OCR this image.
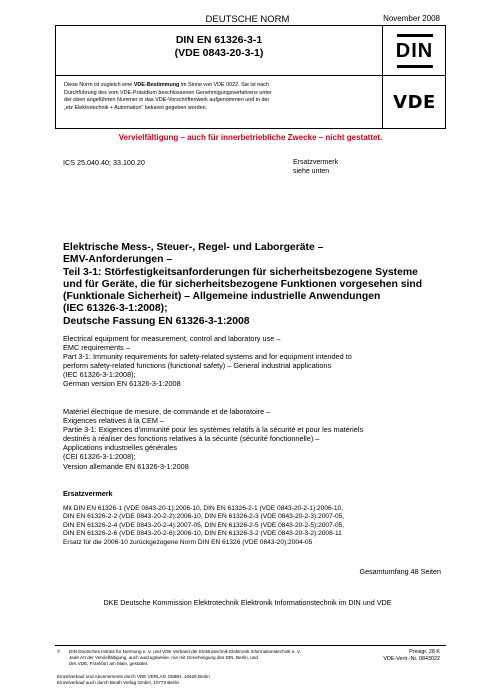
DEUTSCHE NORM	November 2008
DIN EN 61326-3-1
(VDE 0843-20-3-1)	DIN
Diese Norm ist zugleich eine VDE-Bestimmung im Sinne von VDE 0022. Sie ist nach
Durchführung des vom VDE-Präsidium beschlossenen Genehmigungsverfahrens unter
der oben angeführten Nummer in das VDE-Vorschriftenwerk aufgenommen und in der
„etz Elektrotechnik + Automation“ bekannt gegeben worden.	VDE
Vervielfältigung – auch für innerbetriebliche Zwecke – nicht gestattet.
ICS 25.040.40; 33.100.20	Ersatzvermerk
siehe unten
Elektrische Mess-, Steuer-, Regel- und Laborgeräte –
EMV-Anforderungen –
Teil 3-1: Störfestigkeitsanforderungen für sicherheitsbezogene Systeme
und für Geräte, die für sicherheitsbezogene Funktionen vorgesehen sind
(Funktionale Sicherheit) – Allgemeine industrielle Anwendungen
(IEC 61326-3-1:2008);
Deutsche Fassung EN 61326-3-1:2008
Electrical equipment for measurement, control and laboratory use –
EMC requirements –
Part 3-1: Immunity requirements for safety-related systems and for equipment intended to
perform safety-related functions (functional safety) – General industrial applications
(IEC 61326-3-1:2008);
German version EN 61326-3-1:2008
Matériel électrique de mesure, de commande et de laboratoire –
Exigences relatives à la CEM –
Partie 3-1: Exigences d’immunité pour les systèmes relatifs à la sécurité et pour les matériels
destinés à réaliser des fonctions relatives à la sécurité (sécurité fonctionnelle) –
Applications industrielles générales
(CEI 61326-3-1:2008);
Version allemande EN 61326-3-1:2008
Ersatzvermerk
Mit DIN EN 61326-1 (VDE 0843-20-1):2006-10, DIN EN 61326-2-1 (VDE 0843-20-2-1):2006-10,
DIN EN 61326-2-2 (VDE 0843-20-2-2):2006-10, DIN EN 61326-2-3 (VDE 0843-20-2-3):2007-05,
DIN EN 61326-2-4 (VDE 0843-20-2-4):2007-05, DIN EN 61326-2-5 (VDE 0843-20-2-5):2007-05,
DIN EN 61326-2-6 (VDE 0843-20-2-6):2006-10, DIN EN 61326-3-2 (VDE 0843-20-3-2):2008-11
Ersatz für die 2006-10 zurückgezogene Norm DIN EN 61326 (VDE 0843-20):2004-05
Gesamtumfang 48 Seiten
DKE Deutsche Kommission Elektrotechnik Elektronik Informationstechnik im DIN und VDE
© DIN Deutsches Institut für Normung e. V. und VDE Verband der Elektrotechnik Elektronik Informationstechnik e. V.
Jede Art der Vervielfältigung, auch auszugsweise, nur mit Genehmigung des DIN, Berlin, und
des VDE, Frankfurt am Main, gestattet.
Preisgr. 28 K
VDE-Vertr.-Nr. 0843022
Einzelverkauf und Abonnements durch VDE VERLAG GMBH, 10625 Berlin
Einzelverkauf auch durch Beuth Verlag GmbH, 10772 Berlin
